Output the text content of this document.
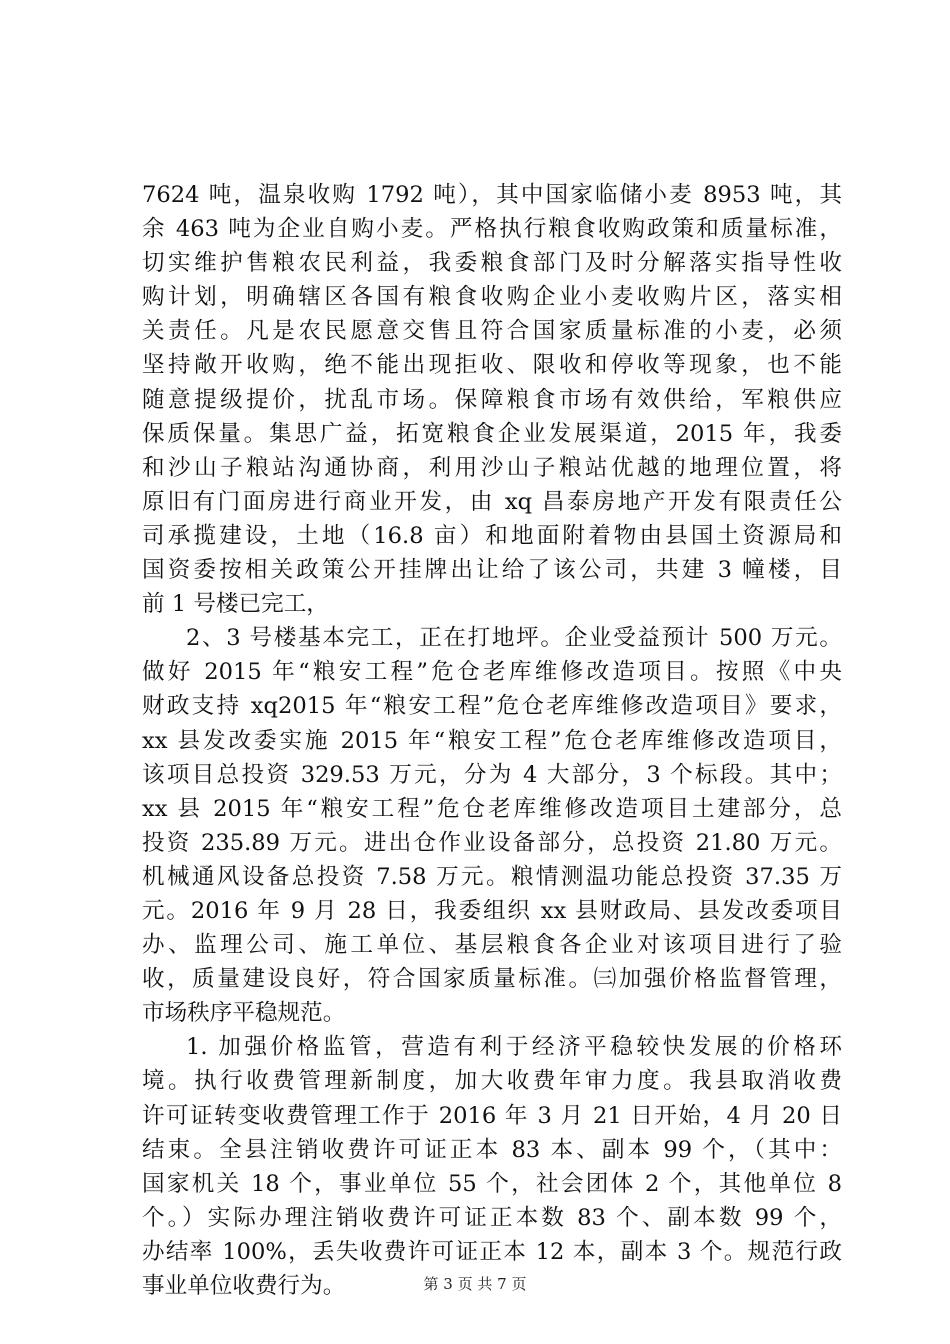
7624 吨，温泉收购 1792 吨），其中国家临储小麦 8953 吨，其
余 463 吨为企业自购小麦。严格执行粮食收购政策和质量标准，
切实维护售粮农民利益，我委粮食部门及时分解落实指导性收
购计划，明确辖区各国有粮食收购企业小麦收购片区，落实相
关责任。凡是农民愿意交售且符合国家质量标准的小麦，必须
坚持敞开收购，绝不能出现拒收、限收和停收等现象，也不能
随意提级提价，扰乱市场。保障粮食市场有效供给，军粮供应
保质保量。集思广益，拓宽粮食企业发展渠道，2015 年，我委
和沙山子粮站沟通协商，利用沙山子粮站优越的地理位置，将
原旧有门面房进行商业开发，由 xq 昌泰房地产开发有限责任公
司承揽建设，土地（16.8 亩）和地面附着物由县国土资源局和
国资委按相关政策公开挂牌出让给了该公司，共建 3 幢楼，目
前 1 号楼已完工，
2、3 号楼基本完工，正在打地坪。企业受益预计 500 万元。
做好 2015 年“粮安工程”危仓老库维修改造项目。按照《中央
财政支持 xq2015 年“粮安工程”危仓老库维修改造项目》要求，
xx 县发改委实施 2015 年“粮安工程”危仓老库维修改造项目，
该项目总投资 329.53 万元，分为 4 大部分，3 个标段。其中；
xx 县 2015 年“粮安工程”危仓老库维修改造项目土建部分，总
投资 235.89 万元。进出仓作业设备部分，总投资 21.80 万元。
机械通风设备总投资 7.58 万元。粮情测温功能总投资 37.35 万
元。2016 年 9 月 28 日，我委组织 xx 县财政局、县发改委项目
办、监理公司、施工单位、基层粮食各企业对该项目进行了验
收，质量建设良好，符合国家质量标准。㈢加强价格监督管理，
市场秩序平稳规范。
1. 加强价格监管，营造有利于经济平稳较快发展的价格环
境。执行收费管理新制度，加大收费年审力度。我县取消收费
许可证转变收费管理工作于 2016 年 3 月 21 日开始，4 月 20 日
结束。全县注销收费许可证正本 83 本、副本 99 个，（其中：
国家机关 18 个，事业单位 55 个，社会团体 2 个，其他单位 8
个。）实际办理注销收费许可证正本数 83 个、副本数 99 个，
办结率 100%，丢失收费许可证正本 12 本，副本 3 个。规范行政
事业单位收费行为。	第 3 页 共 7 页
